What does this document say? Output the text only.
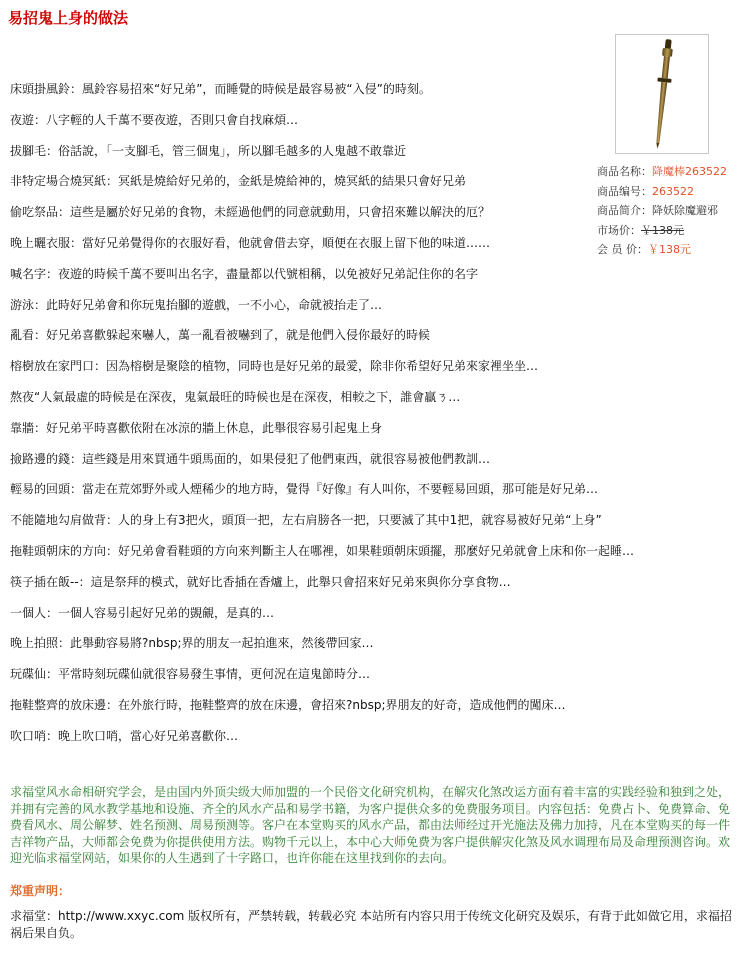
易招鬼上身的做法
床頭掛風鈴：風鈴容易招來“好兄弟”，而睡覺的時候是最容易被“入侵”的時刻。
夜遊：八字輕的人千萬不要夜遊，否則只會自找麻煩…
拔腳毛：俗話說，「一支腳毛，管三個鬼」，所以腳毛越多的人鬼越不敢靠近
非特定場合燒冥紙：冥紙是燒給好兄弟的，金紙是燒給神的，燒冥紙的結果只會好兄弟
偷吃祭品：這些是屬於好兄弟的食物，未經過他們的同意就動用，只會招來難以解決的厄？
晚上曬衣服：當好兄弟覺得你的衣服好看，他就會借去穿，順便在衣服上留下他的味道……
喊名字：夜遊的時候千萬不要叫出名字，盡量都以代號相稱，以免被好兄弟記住你的名字
游泳：此時好兄弟會和你玩鬼抬腳的遊戲，一不小心，命就被抬走了…
亂看：好兄弟喜歡躲起來嚇人，萬一亂看被嚇到了，就是他們入侵你最好的時候
榕樹放在家門口：因為榕樹是聚陰的植物，同時也是好兄弟的最愛，除非你希望好兄弟來家裡坐坐…
熬夜“人氣最虛的時候是在深夜，鬼氣最旺的時候也是在深夜，相較之下，誰會贏ㄋ…
靠牆：好兄弟平時喜歡依附在冰涼的牆上休息，此舉很容易引起鬼上身
撿路邊的錢：這些錢是用來買通牛頭馬面的，如果侵犯了他們東西，就很容易被他們教訓…
輕易的回頭：當走在荒郊野外或人煙稀少的地方時，覺得『好像』有人叫你，不要輕易回頭，那可能是好兄弟…
不能隨地勾肩做背：人的身上有3把火，頭頂一把，左右肩膀各一把，只要滅了其中1把，就容易被好兄弟“上身”
拖鞋頭朝床的方向：好兄弟會看鞋頭的方向來判斷主人在哪裡，如果鞋頭朝床頭擺，那麼好兄弟就會上床和你一起睡…
筷子插在飯--：這是祭拜的模式，就好比香插在香爐上，此舉只會招來好兄弟來與你分享食物…
一個人：一個人容易引起好兄弟的覬覦，是真的…
晚上拍照：此舉動容易將?nbsp;界的朋友一起拍進來，然後帶回家…
玩碟仙：平常時刻玩碟仙就很容易發生事情，更何況在這鬼節時分…
拖鞋整齊的放床邊：在外旅行時，拖鞋整齊的放在床邊，會招來?nbsp;界朋友的好奇，造成他們的闖床…
吹口哨：晚上吹口哨，當心好兄弟喜歡你…
商品名称：降魔棒263522
商品编号：263522
商品简介：降妖除魔避邪
市场价：￥138元
会 员 价：￥138元
求福堂风水命相研究学会，是由国内外顶尖级大师加盟的一个民俗文化研究机构，在解灾化煞改运方面有着丰富的实践经验和独到之处，并拥有完善的风水教学基地和设施、齐全的风水产品和易学书籍，为客户提供众多的免费服务项目。内容包括：免费占卜、免费算命、免费看风水、周公解梦、姓名预测、周易预测等。客户在本堂购买的风水产品，都由法师经过开光施法及佛力加持，凡在本堂购买的每一件吉祥物产品，大师都会免费为你提供使用方法。购物千元以上，本中心大师免费为客户提供解灾化煞及风水调理布局及命理预测咨询。欢迎光临求福堂网站，如果你的人生遇到了十字路口，也许你能在这里找到你的去向。
郑重声明：
求福堂：http://www.xxyc.com 版权所有，严禁转载，转载必究 本站所有内容只用于传统文化研究及娱乐，有背于此如做它用，求福招祸后果自负。
